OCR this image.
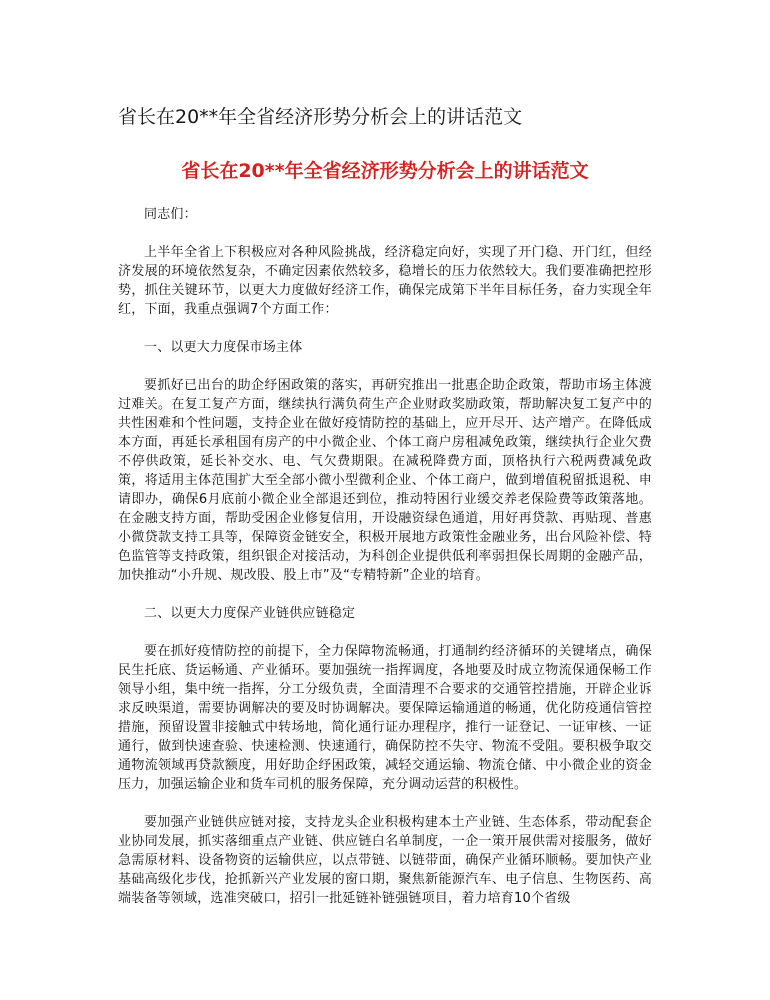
省长在20**年全省经济形势分析会上的讲话范文
省长在20**年全省经济形势分析会上的讲话范文

同志们：

上半年全省上下积极应对各种风险挑战，经济稳定向好，实现了开门稳、开门红，但经济发展的环境依然复杂，不确定因素依然较多，稳增长的压力依然较大。我们要准确把控形势，抓住关键环节，以更大力度做好经济工作，确保完成第下半年目标任务，奋力实现全年红，下面，我重点强调7个方面工作：

一、以更大力度保市场主体

要抓好已出台的助企纾困政策的落实，再研究推出一批惠企助企政策，帮助市场主体渡过难关。在复工复产方面，继续执行满负荷生产企业财政奖励政策，帮助解决复工复产中的共性困难和个性问题，支持企业在做好疫情防控的基础上，应开尽开、达产增产。在降低成本方面，再延长承租国有房产的中小微企业、个体工商户房租减免政策，继续执行企业欠费不停供政策，延长补交水、电、气欠费期限。在减税降费方面，顶格执行六税两费减免政策，将适用主体范围扩大至全部小微小型微利企业、个体工商户，做到增值税留抵退税、申请即办，确保6月底前小微企业全部退还到位，推动特困行业缓交养老保险费等政策落地。在金融支持方面，帮助受困企业修复信用，开设融资绿色通道，用好再贷款、再贴现、普惠小微贷款支持工具等，保障资金链安全，积极开展地方政策性金融业务，出台风险补偿、特色监管等支持政策，组织银企对接活动，为科创企业提供低利率弱担保长周期的金融产品，加快推动“小升规、规改股、股上市”及“专精特新”企业的培育。

二、以更大力度保产业链供应链稳定

要在抓好疫情防控的前提下，全力保障物流畅通，打通制约经济循环的关键堵点，确保民生托底、货运畅通、产业循环。要加强统一指挥调度，各地要及时成立物流保通保畅工作领导小组，集中统一指挥，分工分级负责，全面清理不合要求的交通管控措施，开辟企业诉求反映渠道，需要协调解决的要及时协调解决。要保障运输通道的畅通，优化防疫通信管控措施，预留设置非接触式中转场地，简化通行证办理程序，推行一证登记、一证审核、一证通行，做到快速查验、快速检测、快速通行，确保防控不失守、物流不受阻。要积极争取交通物流领域再贷款额度，用好助企纾困政策，减轻交通运输、物流仓储、中小微企业的资金压力，加强运输企业和货车司机的服务保障，充分调动运营的积极性。

要加强产业链供应链对接，支持龙头企业积极构建本土产业链、生态体系，带动配套企业协同发展，抓实落细重点产业链、供应链白名单制度，一企一策开展供需对接服务，做好急需原材料、设备物资的运输供应，以点带链、以链带面，确保产业循环顺畅。要加快产业基础高级化步伐，抢抓新兴产业发展的窗口期，聚焦新能源汽车、电子信息、生物医药、高端装备等领域，选准突破口，招引一批延链补链强链项目，着力培育10个省级
